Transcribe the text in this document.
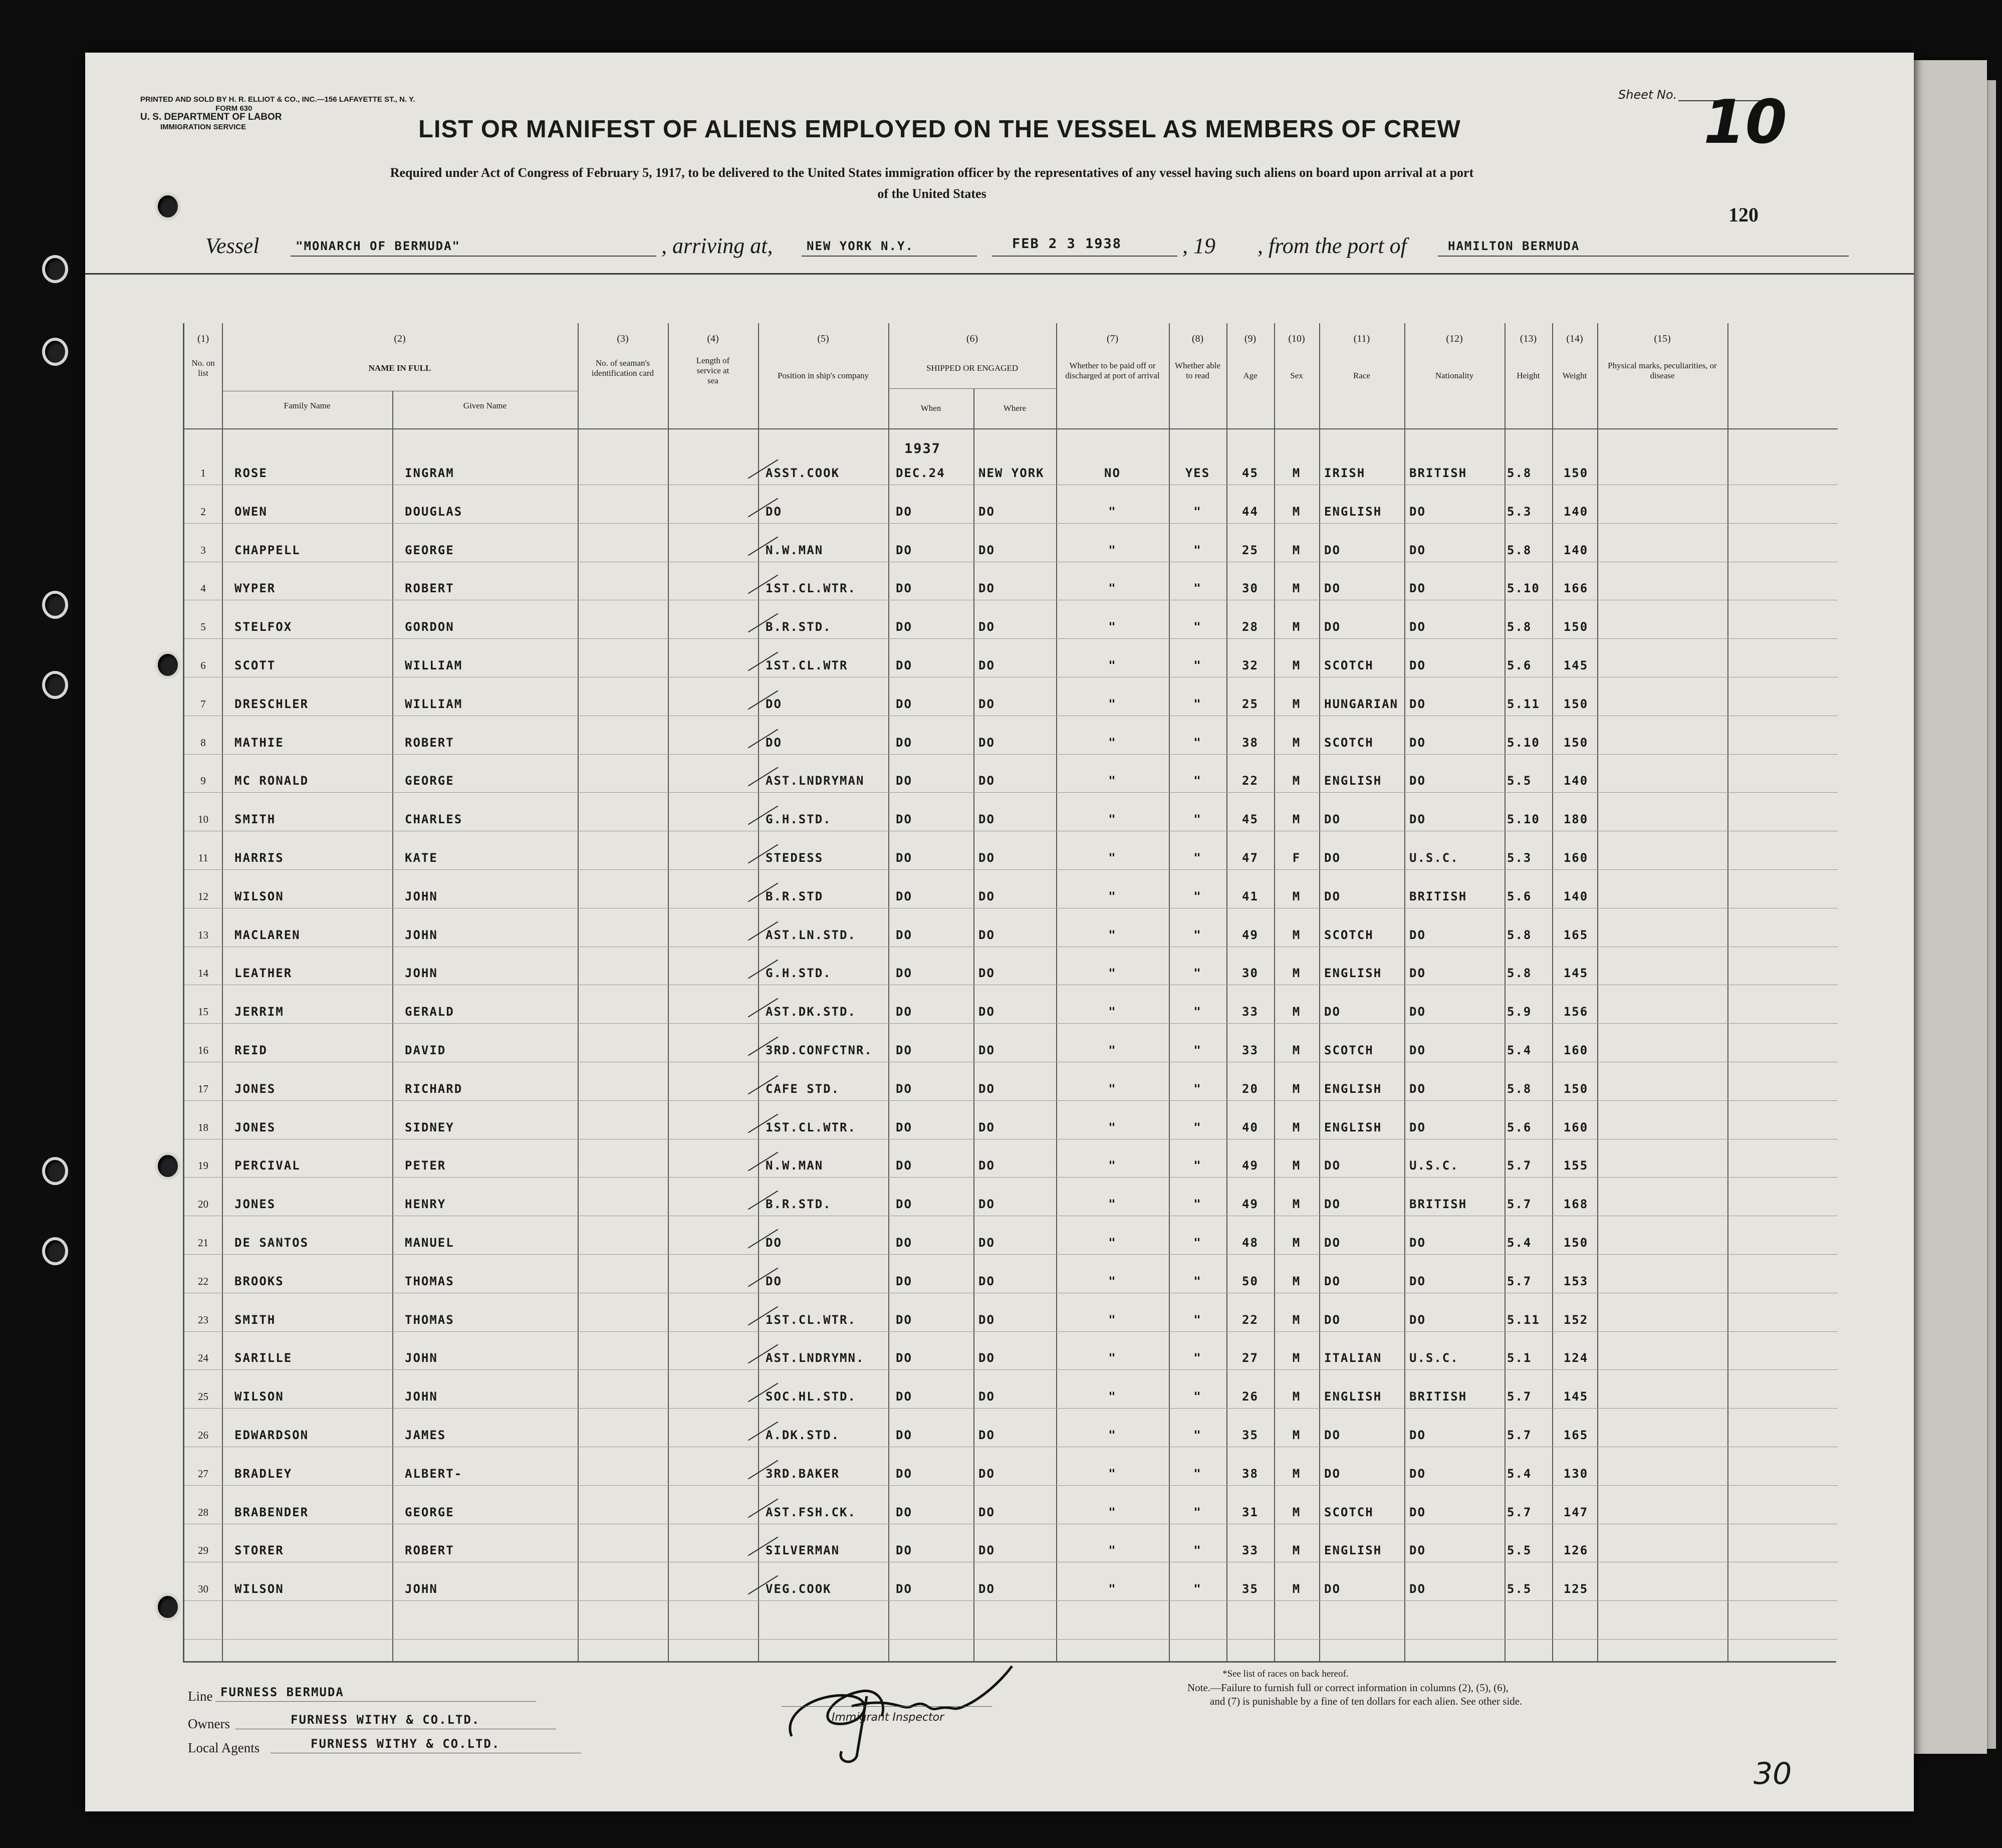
PRINTED AND SOLD BY H. R. ELLIOT & CO., INC.—156 LAFAYETTE ST., N. Y.
FORM 630
U. S. DEPARTMENT OF LABOR
IMMIGRATION SERVICE
Sheet No. 10
120
LIST OR MANIFEST OF ALIENS EMPLOYED ON THE VESSEL AS MEMBERS OF CREW
Required under Act of Congress of February 5, 1917, to be delivered to the United States immigration officer by the representatives of any vessel having such aliens on board upon arrival at a port
of the United States
Vessel	"MONARCH OF BERMUDA"	, arriving at,	NEW YORK N.Y.	FEB 2 3 1938	, 19 , from the port of	HAMILTON BERMUDA
(1)
No. on list
(2)
NAME IN FULL
Family Name	Given Name
(3)
No. of seaman's identification card
(4)
Length of service at sea
(5)
Position in ship's company
(6)
SHIPPED OR ENGAGED
When	Where
(7)
Whether to be paid off or discharged at port of arrival
(8)
Whether able to read
(9)
Age
(10)
Sex
(11)
Race
(12)
Nationality
(13)
Height
(14)
Weight
(15)
Physical marks, peculiarities, or disease
1	ROSE	INGRAM	ASST.COOK	DEC.24	NEW YORK	NO	YES	45	M	IRISH	BRITISH	5.8	150
2	OWEN	DOUGLAS	DO	DO	DO	"	"	44	M	ENGLISH	DO	5.3	140
3	CHAPPELL	GEORGE	N.W.MAN	DO	DO	"	"	25	M	DO	DO	5.8	140
4	WYPER	ROBERT	1ST.CL.WTR.	DO	DO	"	"	30	M	DO	DO	5.10	166
5	STELFOX	GORDON	B.R.STD.	DO	DO	"	"	28	M	DO	DO	5.8	150
6	SCOTT	WILLIAM	1ST.CL.WTR	DO	DO	"	"	32	M	SCOTCH	DO	5.6	145
7	DRESCHLER	WILLIAM	DO	DO	DO	"	"	25	M	HUNGARIAN DO	5.11	150
8	MATHIE	ROBERT	DO	DO	DO	"	"	38	M	SCOTCH	DO	5.10	150
9	MC RONALD	GEORGE	AST.LNDRYMAN	DO	DO	"	"	22	M	ENGLISH	DO	5.5	140
10	SMITH	CHARLES	G.H.STD.	DO	DO	"	"	45	M	DO	DO	5.10	180
11	HARRIS	KATE	STEDESS	DO	DO	"	"	47	F	DO	U.S.C.	5.3	160
12	WILSON	JOHN	B.R.STD	DO	DO	"	"	41	M	DO	BRITISH	5.6	140
13	MACLAREN	JOHN	AST.LN.STD.	DO	DO	"	"	49	M	SCOTCH	DO	5.8	165
14	LEATHER	JOHN	G.H.STD.	DO	DO	"	"	30	M	ENGLISH	DO	5.8	145
15	JERRIM	GERALD	AST.DK.STD.	DO	DO	"	"	33	M	DO	DO	5.9	156
16	REID	DAVID	3RD.CONFCTNR.	DO	DO	"	"	33	M	SCOTCH	DO	5.4	160
17	JONES	RICHARD	CAFE STD.	DO	DO	"	"	20	M	ENGLISH	DO	5.8	150
18	JONES	SIDNEY	1ST.CL.WTR.	DO	DO	"	"	40	M	ENGLISH	DO	5.6	160
19	PERCIVAL	PETER	N.W.MAN	DO	DO	"	"	49	M	DO	U.S.C.	5.7	155
20	JONES	HENRY	B.R.STD.	DO	DO	"	"	49	M	DO	BRITISH	5.7	168
21	DE SANTOS	MANUEL	DO	DO	DO	"	"	48	M	DO	DO	5.4	150
22	BROOKS	THOMAS	DO	DO	DO	"	"	50	M	DO	DO	5.7	153
23	SMITH	THOMAS	1ST.CL.WTR.	DO	DO	"	"	22	M	DO	DO	5.11	152
24	SARILLE	JOHN	AST.LNDRYMN.	DO	DO	"	"	27	M	ITALIAN	U.S.C.	5.1	124
25	WILSON	JOHN	SOC.HL.STD.	DO	DO	"	"	26	M	ENGLISH	BRITISH	5.7	145
26	EDWARDSON	JAMES	A.DK.STD.	DO	DO	"	"	35	M	DO	DO	5.7	165
27	BRADLEY	ALBERT-	3RD.BAKER	DO	DO	"	"	38	M	DO	DO	5.4	130
28	BRABENDER	GEORGE	AST.FSH.CK.	DO	DO	"	"	31	M	SCOTCH	DO	5.7	147
29	STORER	ROBERT	SILVERMAN	DO	DO	"	"	33	M	ENGLISH	DO	5.5	126
30	WILSON	JOHN	VEG.COOK	DO	DO	"	"	35	M	DO	DO	5.5	125
1937
Line FURNESS BERMUDA
Owners	FURNESS WITHY & CO.LTD.
Local Agents	FURNESS WITHY & CO.LTD.
Immigrant Inspector
*See list of races on back hereof.
Note.—Failure to furnish full or correct information in columns (2), (5), (6),
and (7) is punishable by a fine of ten dollars for each alien. See other side.
30
